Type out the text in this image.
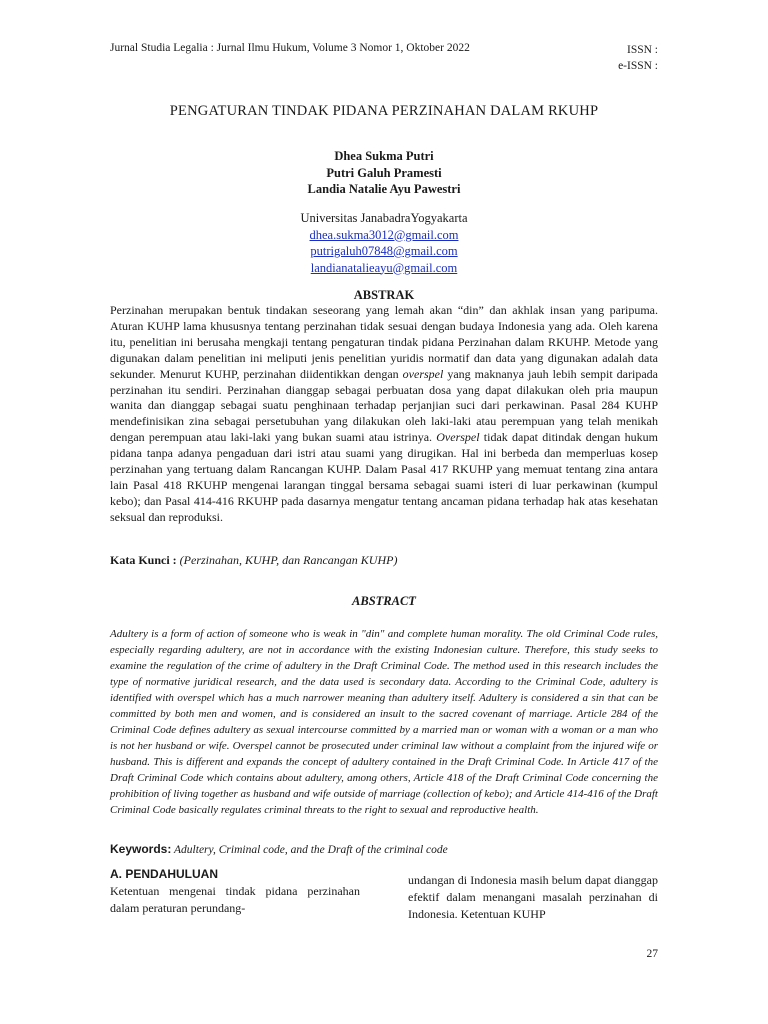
Jurnal Studia Legalia : Jurnal Ilmu Hukum, Volume 3 Nomor 1, Oktober 2022	ISSN :
e-ISSN :
PENGATURAN TINDAK PIDANA PERZINAHAN DALAM RKUHP
Dhea Sukma Putri
Putri Galuh Pramesti
Landia Natalie Ayu Pawestri
Universitas JanabadraYogyakarta
dhea.sukma3012@gmail.com
putrigaluh07848@gmail.com
landianatalieayu@gmail.com
ABSTRAK

Perzinahan merupakan bentuk tindakan seseorang yang lemah akan “din” dan akhlak insan yang paripuma. Aturan KUHP lama khususnya tentang perzinahan tidak sesuai dengan budaya Indonesia yang ada. Oleh karena itu, penelitian ini berusaha mengkaji tentang pengaturan tindak pidana Perzinahan dalam RKUHP. Metode yang digunakan dalam penelitian ini meliputi jenis penelitian yuridis normatif dan data yang digunakan adalah data sekunder. Menurut KUHP, perzinahan diidentikkan dengan overspel yang maknanya jauh lebih sempit daripada perzinahan itu sendiri. Perzinahan dianggap sebagai perbuatan dosa yang dapat dilakukan oleh pria maupun wanita dan dianggap sebagai suatu penghinaan terhadap perjanjian suci dari perkawinan. Pasal 284 KUHP mendefinisikan zina sebagai persetubuhan yang dilakukan oleh laki-laki atau perempuan yang telah menikah dengan perempuan atau laki-laki yang bukan suami atau istrinya. Overspel tidak dapat ditindak dengan hukum pidana tanpa adanya pengaduan dari istri atau suami yang dirugikan. Hal ini berbeda dan memperluas kosep perzinahan yang tertuang dalam Rancangan KUHP. Dalam Pasal 417 RKUHP yang memuat tentang zina antara lain Pasal 418 RKUHP mengenai larangan tinggal bersama sebagai suami isteri di luar perkawinan (kumpul kebo); dan Pasal 414-416 RKUHP pada dasarnya mengatur tentang ancaman pidana terhadap hak atas kesehatan seksual dan reproduksi.

Kata Kunci : (Perzinahan, KUHP, dan Rancangan KUHP)

ABSTRACT

Adultery is a form of action of someone who is weak in "din" and complete human morality. The old Criminal Code rules, especially regarding adultery, are not in accordance with the existing Indonesian culture. Therefore, this study seeks to examine the regulation of the crime of adultery in the Draft Criminal Code. The method used in this research includes the type of normative juridical research, and the data used is secondary data. According to the Criminal Code, adultery is identified with overspel which has a much narrower meaning than adultery itself. Adultery is considered a sin that can be committed by both men and women, and is considered an insult to the sacred covenant of marriage. Article 284 of the Criminal Code defines adultery as sexual intercourse committed by a married man or woman with a woman or a man who is not her husband or wife. Overspel cannot be prosecuted under criminal law without a complaint from the injured wife or husband. This is different and expands the concept of adultery contained in the Draft Criminal Code. In Article 417 of the Draft Criminal Code which contains about adultery, among others, Article 418 of the Draft Criminal Code concerning the prohibition of living together as husband and wife outside of marriage (collection of kebo); and Article 414-416 of the Draft Criminal Code basically regulates criminal threats to the right to sexual and reproductive health.

Keywords: Adultery, Criminal code, and the Draft of the criminal code

A. PENDAHULUAN
Ketentuan mengenai tindak pidana perzinahan dalam peraturan perundang-

undangan di Indonesia masih belum dapat dianggap efektif dalam menangani masalah perzinahan di Indonesia. Ketentuan KUHP

27
